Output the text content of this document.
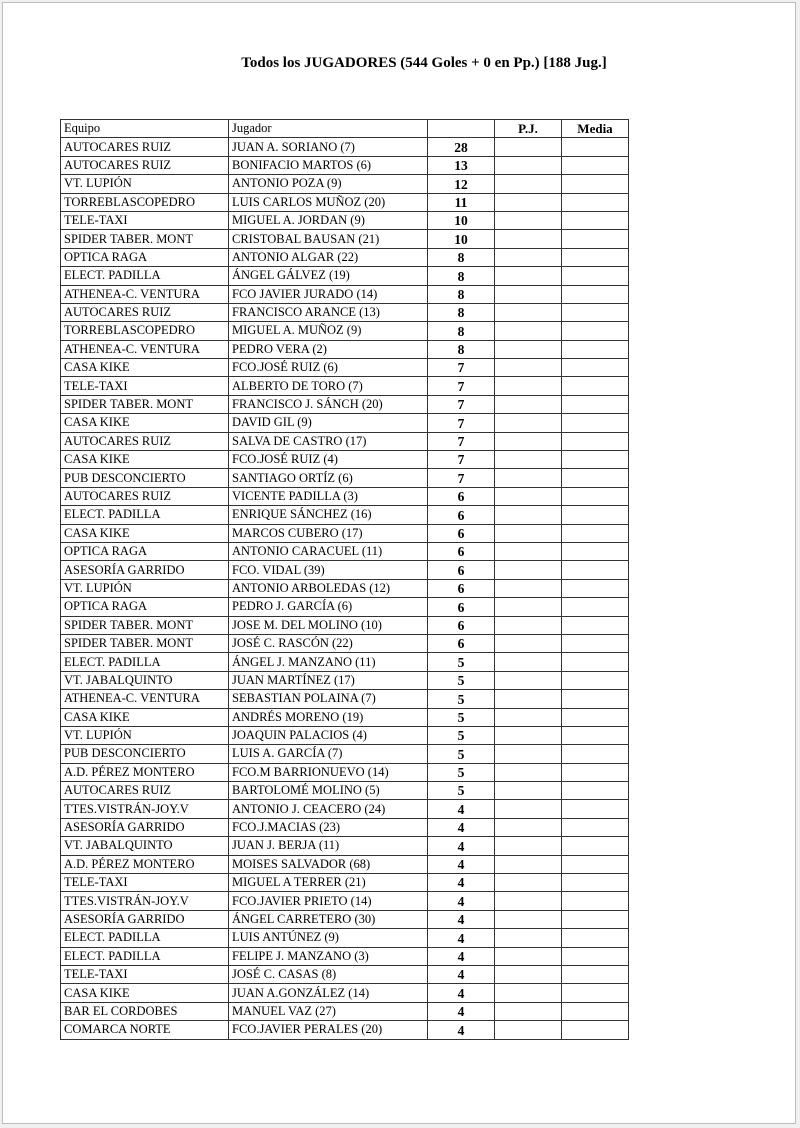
Todos los JUGADORES (544 Goles + 0 en Pp.) [188 Jug.]
Equipo	Jugador		P.J.	Media
AUTOCARES RUIZ	JUAN A. SORIANO (7)	28		
AUTOCARES RUIZ	BONIFACIO MARTOS (6)	13		
VT. LUPIÓN	ANTONIO POZA (9)	12		
TORREBLASCOPEDRO	LUIS CARLOS MUÑOZ (20)	11		
TELE-TAXI	MIGUEL A. JORDAN (9)	10		
SPIDER TABER. MONT	CRISTOBAL BAUSAN (21)	10		
OPTICA RAGA	ANTONIO ALGAR (22)	8		
ELECT. PADILLA	ÁNGEL GÁLVEZ (19)	8		
ATHENEA-C. VENTURA	FCO JAVIER JURADO (14)	8		
AUTOCARES RUIZ	FRANCISCO ARANCE (13)	8		
TORREBLASCOPEDRO	MIGUEL A. MUÑOZ (9)	8		
ATHENEA-C. VENTURA	PEDRO VERA (2)	8		
CASA KIKE	FCO.JOSÉ RUIZ (6)	7		
TELE-TAXI	ALBERTO DE TORO (7)	7		
SPIDER TABER. MONT	FRANCISCO J. SÁNCH (20)	7		
CASA KIKE	DAVID GIL (9)	7		
AUTOCARES RUIZ	SALVA DE CASTRO (17)	7		
CASA KIKE	FCO.JOSÉ RUIZ (4)	7		
PUB DESCONCIERTO	SANTIAGO ORTÍZ (6)	7		
AUTOCARES RUIZ	VICENTE PADILLA (3)	6		
ELECT. PADILLA	ENRIQUE SÁNCHEZ (16)	6		
CASA KIKE	MARCOS CUBERO (17)	6		
OPTICA RAGA	ANTONIO CARACUEL (11)	6		
ASESORÍA GARRIDO	FCO. VIDAL (39)	6		
VT. LUPIÓN	ANTONIO ARBOLEDAS (12)	6		
OPTICA RAGA	PEDRO J. GARCÍA (6)	6		
SPIDER TABER. MONT	JOSE M. DEL MOLINO (10)	6		
SPIDER TABER. MONT	JOSÉ C. RASCÓN (22)	6		
ELECT. PADILLA	ÁNGEL J. MANZANO (11)	5		
VT. JABALQUINTO	JUAN MARTÍNEZ (17)	5		
ATHENEA-C. VENTURA	SEBASTIAN POLAINA (7)	5		
CASA KIKE	ANDRÉS MORENO (19)	5		
VT. LUPIÓN	JOAQUIN PALACIOS (4)	5		
PUB DESCONCIERTO	LUIS A. GARCÍA (7)	5		
A.D. PÉREZ MONTERO	FCO.M BARRIONUEVO (14)	5		
AUTOCARES RUIZ	BARTOLOMÉ MOLINO (5)	5		
TTES.VISTRÁN-JOY.V	ANTONIO J. CEACERO (24)	4		
ASESORÍA GARRIDO	FCO.J.MACIAS (23)	4		
VT. JABALQUINTO	JUAN J. BERJA (11)	4		
A.D. PÉREZ MONTERO	MOISES SALVADOR (68)	4		
TELE-TAXI	MIGUEL A TERRER (21)	4		
TTES.VISTRÁN-JOY.V	FCO.JAVIER PRIETO (14)	4		
ASESORÍA GARRIDO	ÁNGEL CARRETERO (30)	4		
ELECT. PADILLA	LUIS ANTÚNEZ (9)	4		
ELECT. PADILLA	FELIPE J. MANZANO (3)	4		
TELE-TAXI	JOSÉ C. CASAS (8)	4		
CASA KIKE	JUAN A.GONZÁLEZ (14)	4		
BAR EL CORDOBES	MANUEL VAZ (27)	4		
COMARCA NORTE	FCO.JAVIER PERALES (20)	4		
